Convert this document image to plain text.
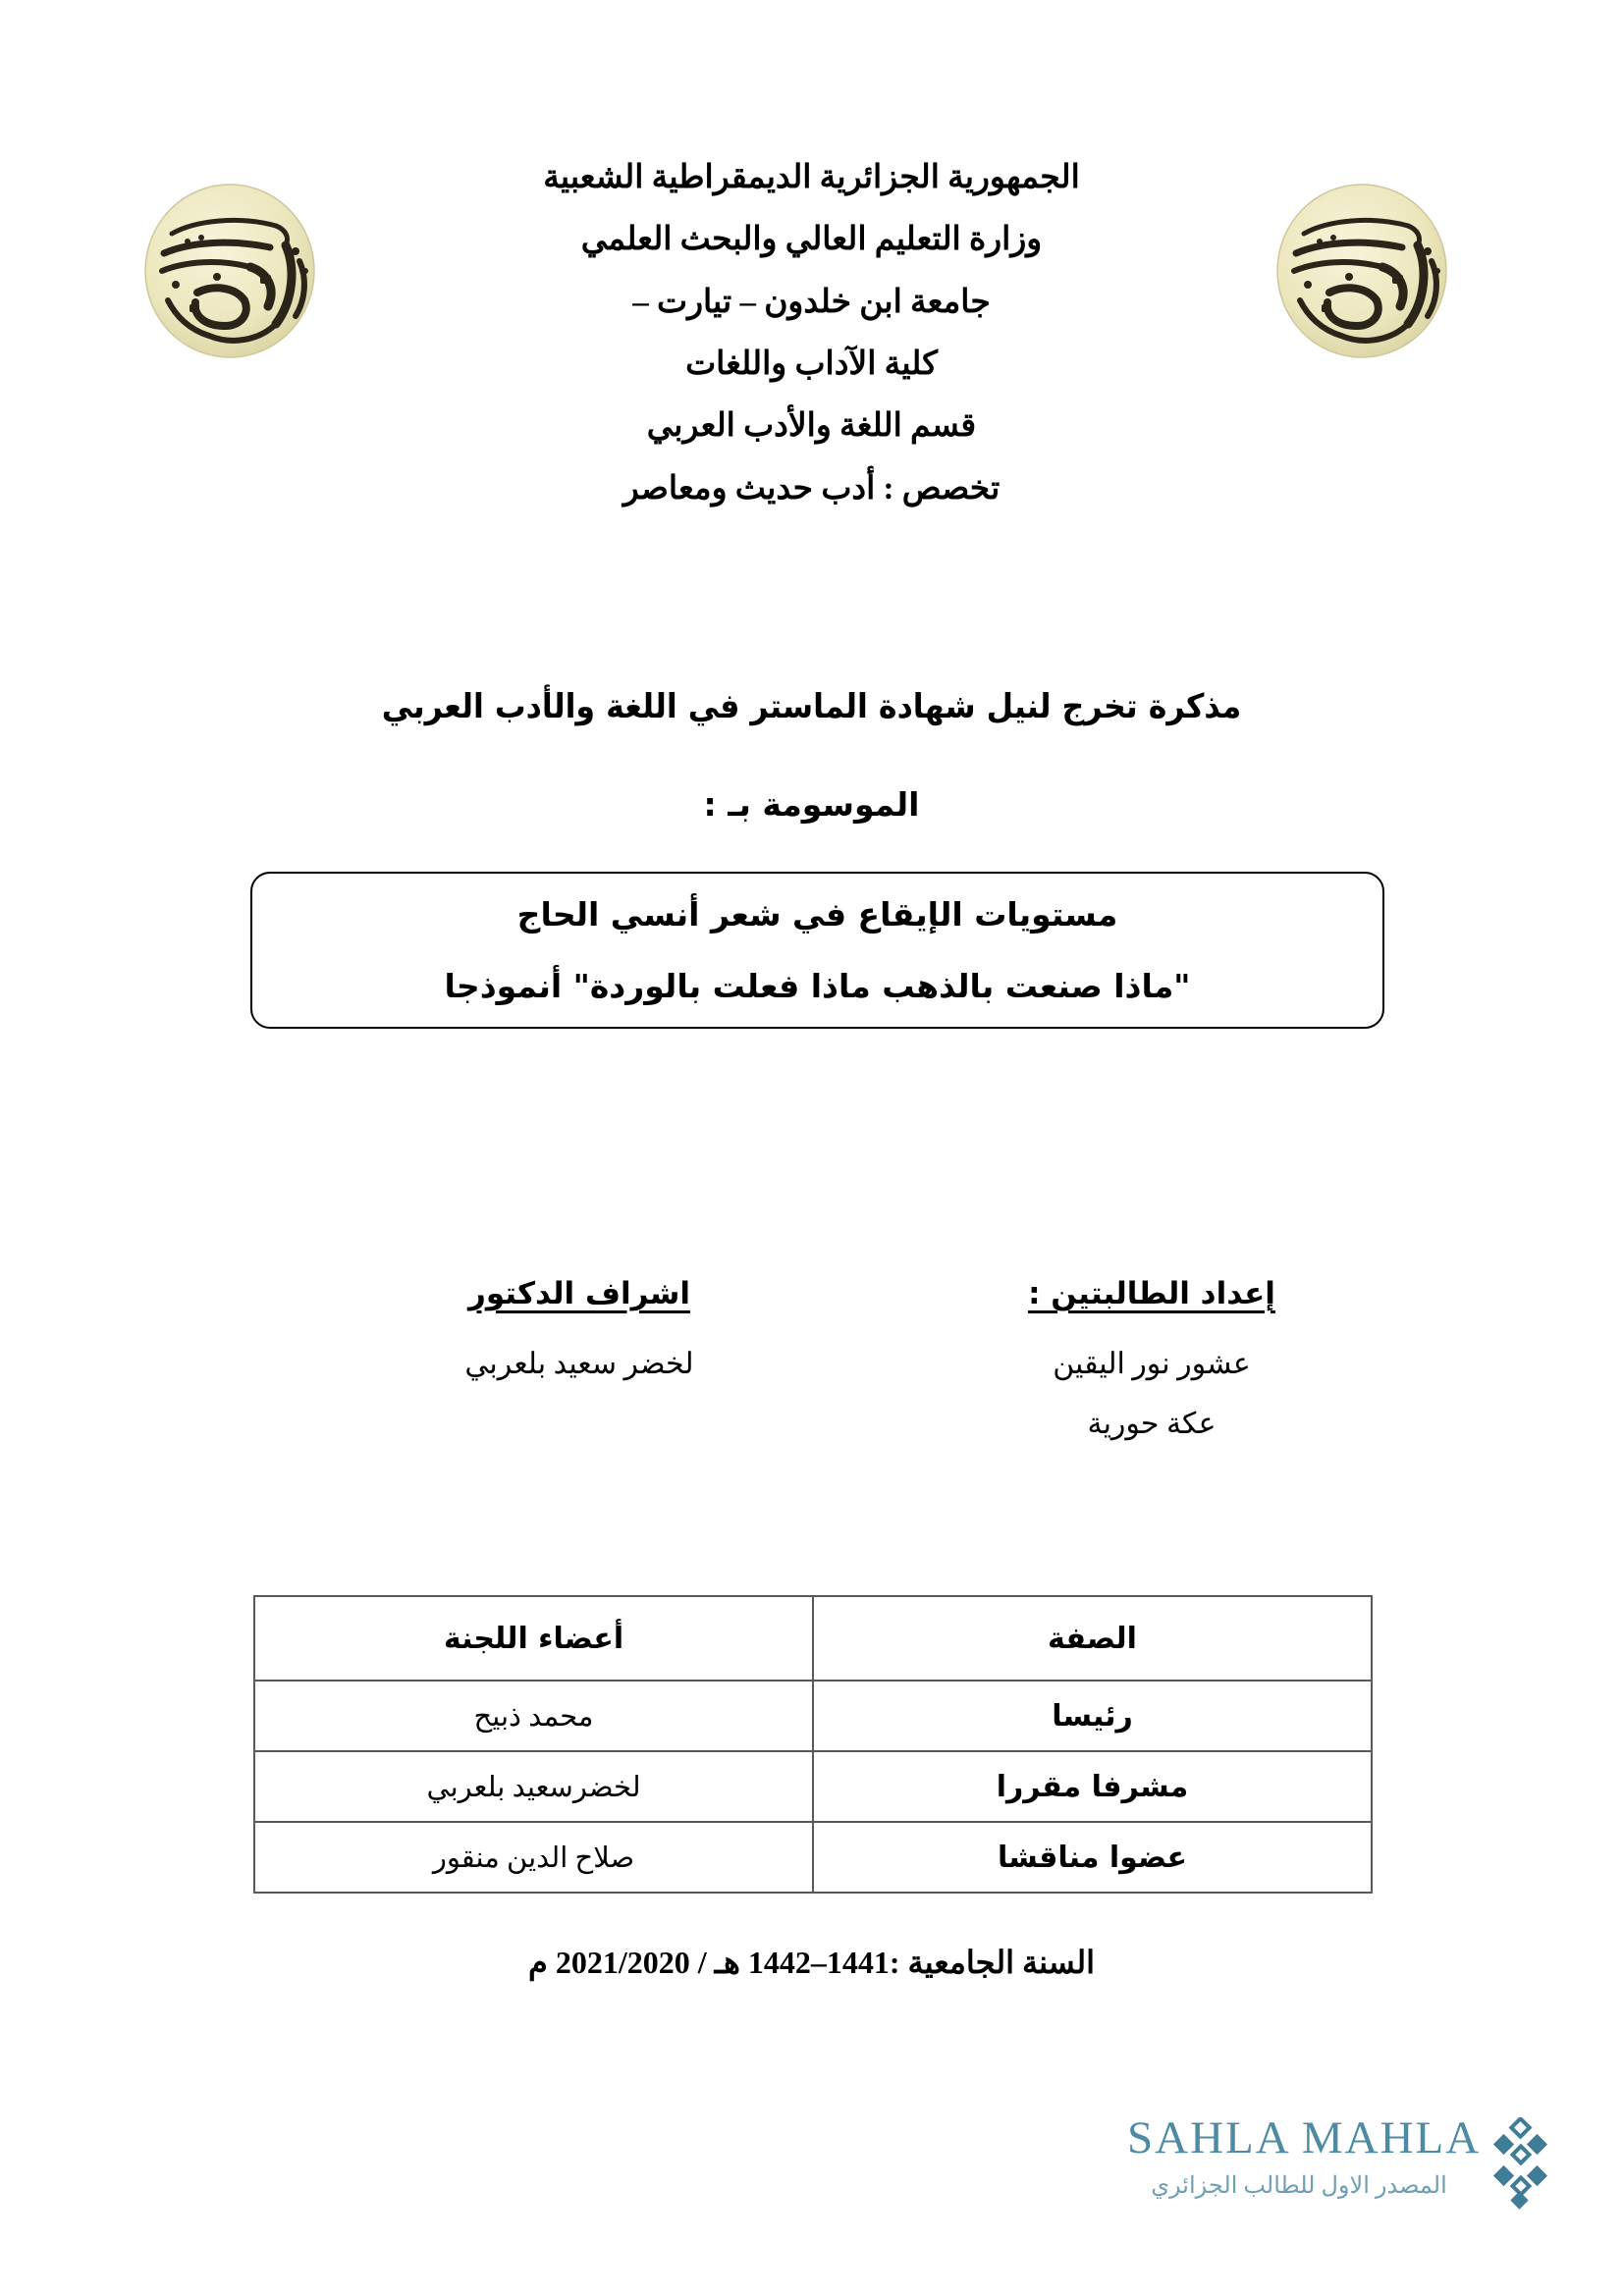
الجمهورية الجزائرية الديمقراطية الشعبية
وزارة التعليم العالي والبحث العلمي
جامعة ابن خلدون – تيارت –
كلية الآداب واللغات
قسم اللغة والأدب العربي
تخصص : أدب حديث ومعاصر
مذكرة تخرج لنيل شهادة الماستر في اللغة والأدب العربي
الموسومة بـ :
مستويات الإيقاع في شعر أنسي الحاج
"ماذا صنعت بالذهب ماذا فعلت بالوردة" أنموذجا
إعداد الطالبتين :
عشور نور اليقين
عكة حورية
اشراف الدكتور
لخضر سعيد بلعربي
الصفة	أعضاء اللجنة
رئيسا	محمد ذبيح
مشرفا مقررا	لخضرسعيد بلعربي
عضوا مناقشا	صلاح الدين منقور
السنة الجامعية :1441–1442 هـ / 2021/2020 م
SAHLA MAHLA
المصدر الاول للطالب الجزائري
